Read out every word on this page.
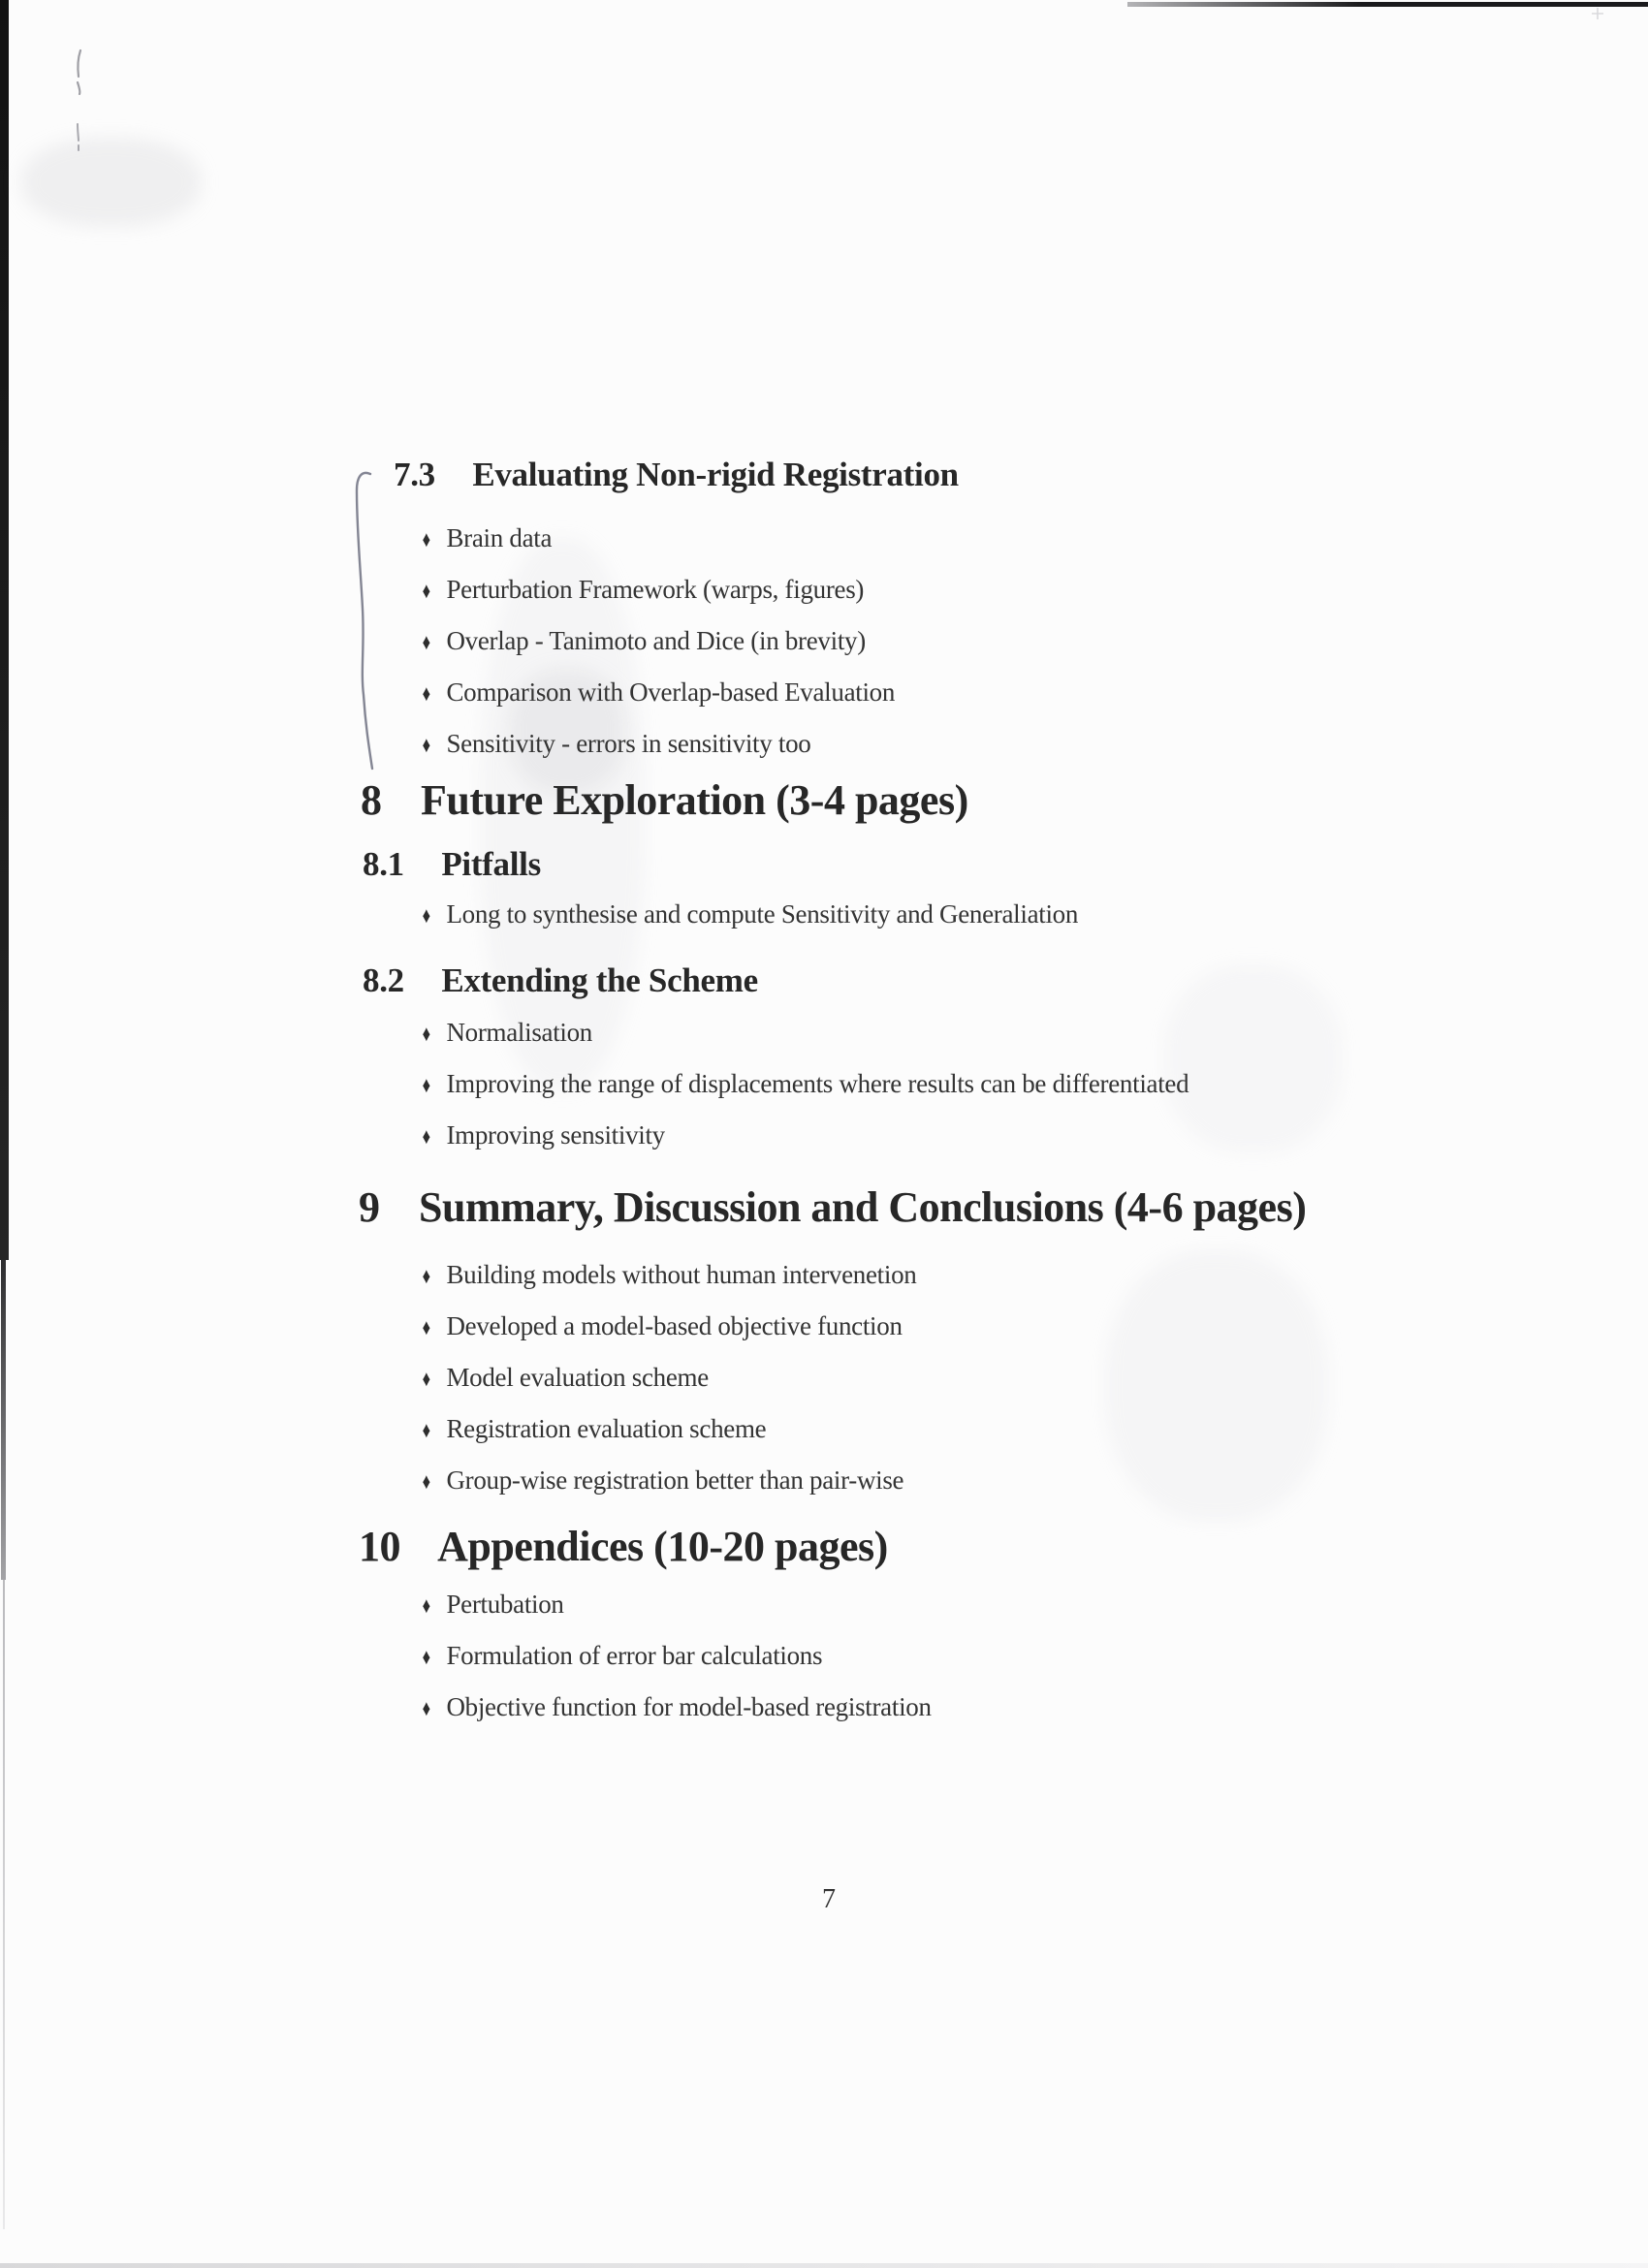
7.3 Evaluating Non-rigid Registration
♦ Brain data
♦ Perturbation Framework (warps, figures)
♦ Overlap - Tanimoto and Dice (in brevity)
♦ Comparison with Overlap-based Evaluation
♦ Sensitivity - errors in sensitivity too
8 Future Exploration (3-4 pages)
8.1 Pitfalls
♦ Long to synthesise and compute Sensitivity and Generaliation
8.2 Extending the Scheme
♦ Normalisation
♦ Improving the range of displacements where results can be differentiated
♦ Improving sensitivity
9 Summary, Discussion and Conclusions (4-6 pages)
♦ Building models without human intervenetion
♦ Developed a model-based objective function
♦ Model evaluation scheme
♦ Registration evaluation scheme
♦ Group-wise registration better than pair-wise
10 Appendices (10-20 pages)
♦ Pertubation
♦ Formulation of error bar calculations
♦ Objective function for model-based registration
7
